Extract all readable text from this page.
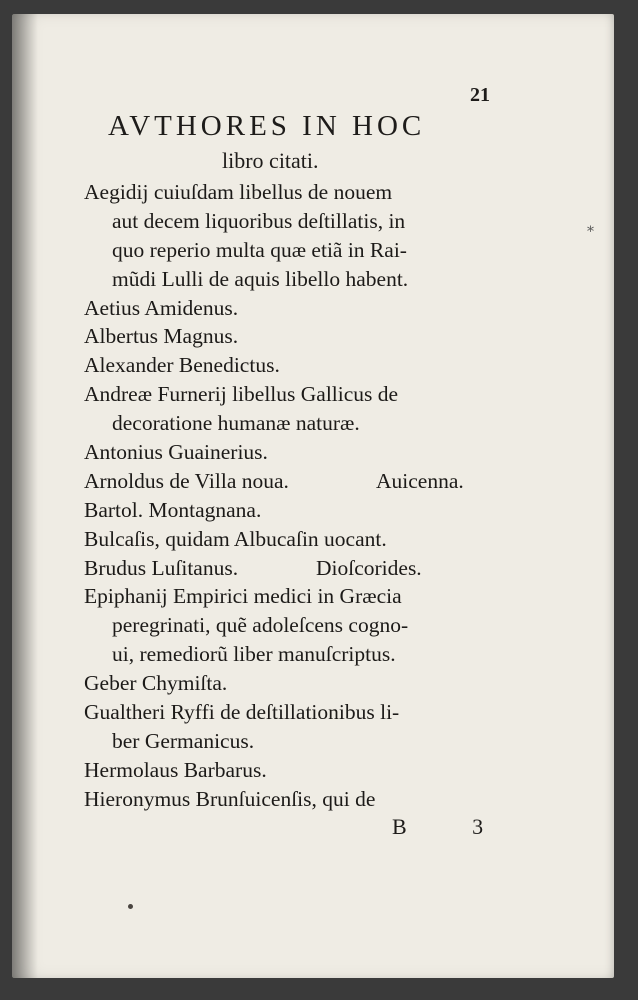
21
AVTHORES IN HOC
libro citati.
Aegidij cuiuſdam libellus de nouem
aut decem liquoribus deſtillatis, in
quo reperio multa quæ etiã in Rai-
mũdi Lulli de aquis libello habent.
Aetius Amidenus.
Albertus Magnus.
Alexander Benedictus.
Andreæ Furnerij libellus Gallicus de
decoratione humanæ naturæ.
Antonius Guainerius.
Arnoldus de Villa noua.	Auicenna.
Bartol. Montagnana.
Bulcaſis, quidam Albucaſin uocant.
Brudus Luſitanus.	Dioſcorides.
Epiphanij Empirici medici in Græcia
peregrinati, quẽ adoleſcens cogno-
ui, remediorũ liber manuſcriptus.
Geber Chymiſta.
Gualtheri Ryffi de deſtillationibus li-
ber Germanicus.
Hermolaus Barbarus.
Hieronymus Brunſuicenſis, qui de
B 3
*
